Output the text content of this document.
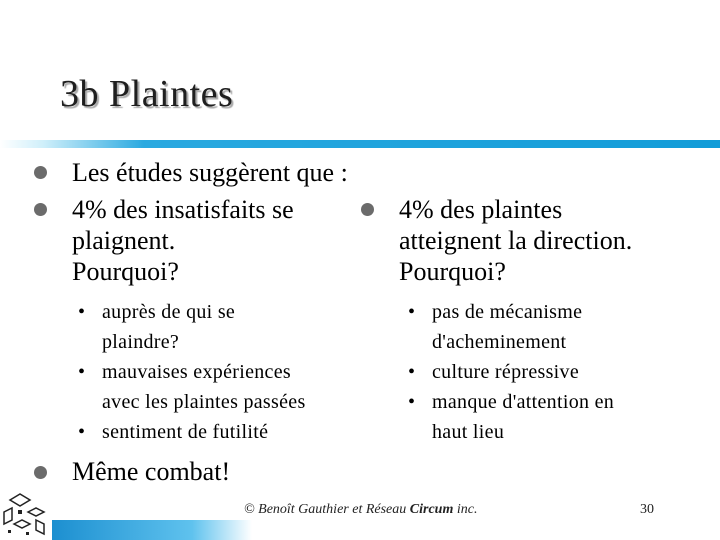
3b Plaintes
Les études suggèrent que :
4% des insatisfaits se
plaignent.
Pourquoi?
4% des plaintes
atteignent la direction.
Pourquoi?
• auprès de qui se
plaindre?
• mauvaises expériences
avec les plaintes passées
• sentiment de futilité
• pas de mécanisme
d'acheminement
• culture répressive
• manque d'attention en
haut lieu
Même combat!
© Benoît Gauthier et Réseau Circum inc.	30
